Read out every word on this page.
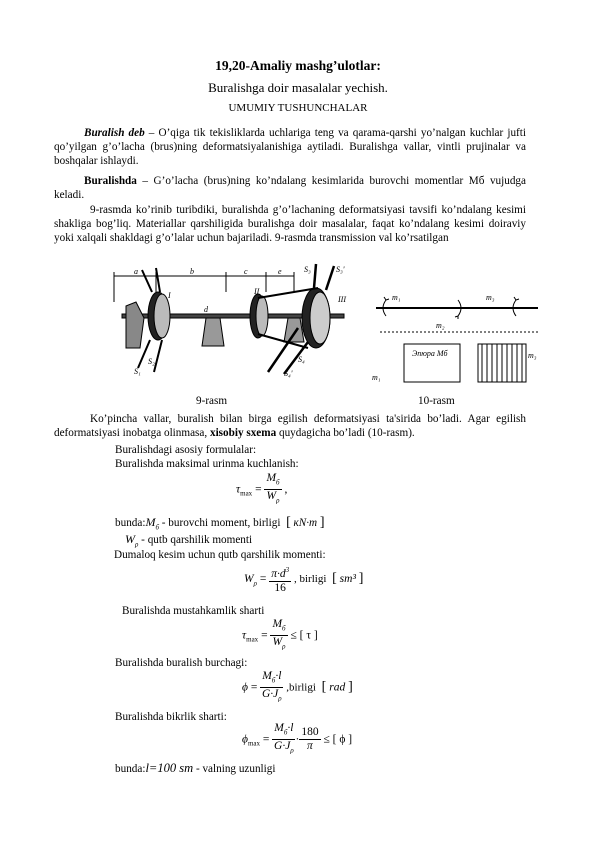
19,20-Amaliy mashg’ulotlar:
Buralishga doir masalalar yechish.
UMUMIY TUSHUNCHALAR
Buralish deb – O’qiga tik tekisliklarda uchlariga teng va qarama-qarshi yo’nalgan kuchlar jufti qo’yilgan g’o’lacha (brus)ning deformatsiyalanishiga aytiladi. Buralishga vallar, vintli prujinalar va boshqalar ishlaydi.
Buralishda – G’o’lacha (brus)ning ko’ndalang kesimlarida burovchi momentlar Mб vujudga keladi.
9-rasmda ko’rinib turibdiki, buralishda g’o’lachaning deformatsiyasi tavsifi ko’ndalang kesimi shakliga bog’liq. Materiallar qarshiligida buralishga doir masalalar, faqat ko’ndalang kesimi doiraviy yoki xalqali shakldagi g’o’lalar uchun bajariladi. 9-rasmda transmission val ko’rsatilgan
a	b	c	e
d
I	II
III
S₁
S₂
S₃	S₃'
S₄
S₄'
m₁	m₃
m₂
Эпюра Mб	m₃
m₁
9-rasm	10-rasm
Ko’pincha vallar, buralish bilan birga egilish deformatsiyasi ta'sirida bo’ladi. Agar egilish deformatsiyasi inobatga olinmasa, xisobiy sxema quydagicha bo’ladi (10-rasm).
Buralishdagi asosiy formulalar:
Buralishda maksimal urinma kuchlanish:
$\tau_{max} = \frac{M_б}{W_\rho}$ ,
$bunda:M_б$ - burovchi moment, birligi [ кN·m ]
$W_\rho$ - qutb qarshilik momenti
Dumaloq kesim uchun qutb qarshilik momenti:
$W_\rho = \frac{\pi\cdot d^3}{16}$ , birligi [ sm³ ]
Buralishda mustahkamlik sharti
$\tau_{max} = \frac{M_б}{W_\rho}$ ≤ [ τ ]
Buralishda buralish burchagi:
$\phi = \frac{M_б\cdot l}{G\cdot J_\rho}$ ,birligi [ rad ]
Buralishda bikrlik sharti:
$\phi_{max} = \frac{M_б\cdot l}{G\cdot J_\rho} \cdot \frac{180}{\pi}$ ≤ [ ϕ ]
bunda:l=100 sm - valning uzunligi
